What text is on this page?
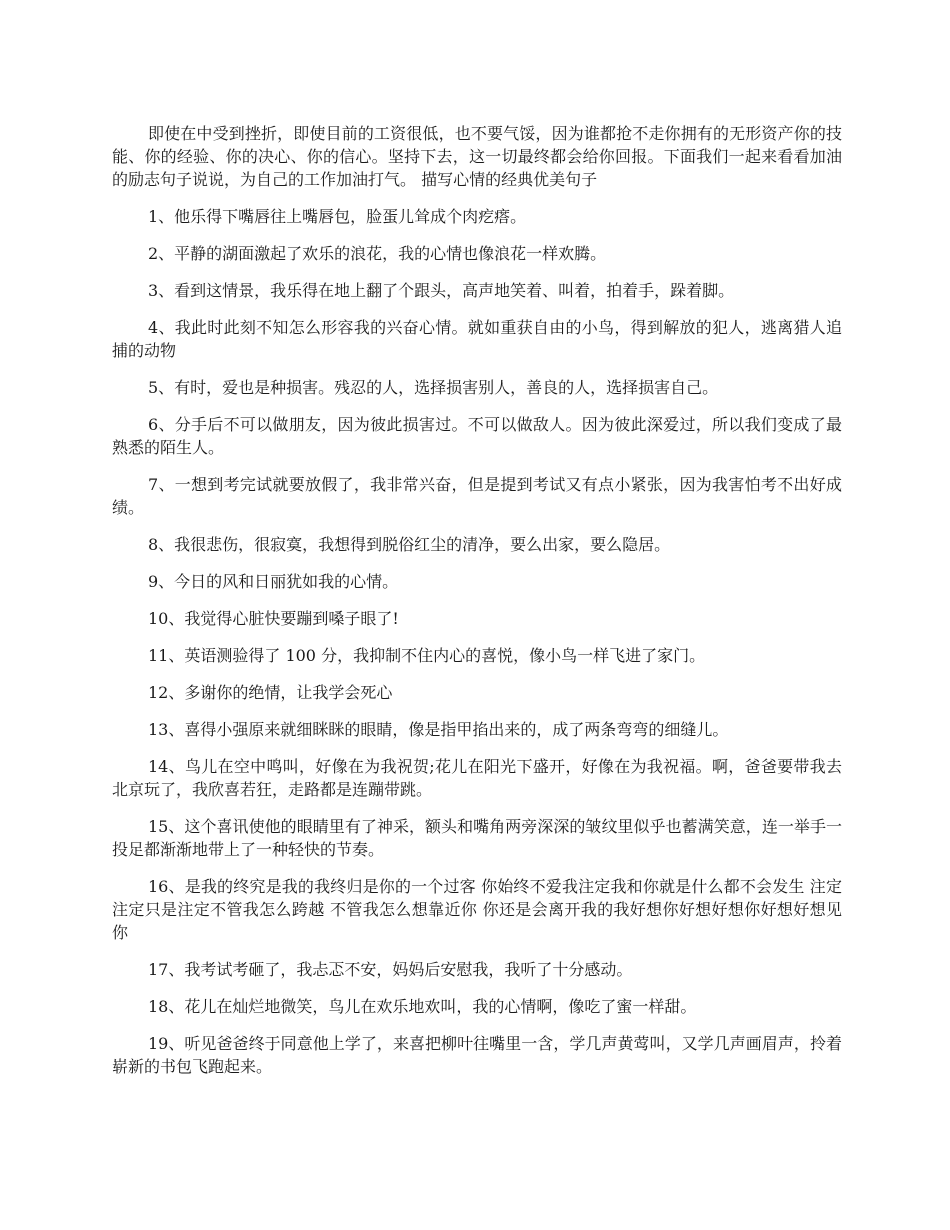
即使在中受到挫折，即使目前的工资很低，也不要气馁，因为谁都抢不走你拥有的无形资产你的技能、你的经验、你的决心、你的信心。坚持下去，这一切最终都会给你回报。下面我们一起来看看加油的励志句子说说，为自己的工作加油打气。 描写心情的经典优美句子

1、他乐得下嘴唇往上嘴唇包，脸蛋儿耸成个肉疙瘩。

2、平静的湖面激起了欢乐的浪花，我的心情也像浪花一样欢腾。

3、看到这情景，我乐得在地上翻了个跟头，高声地笑着、叫着，拍着手，跺着脚。

4、我此时此刻不知怎么形容我的兴奋心情。就如重获自由的小鸟，得到解放的犯人，逃离猎人追捕的动物

5、有时，爱也是种损害。残忍的人，选择损害别人，善良的人，选择损害自己。

6、分手后不可以做朋友，因为彼此损害过。不可以做敌人。因为彼此深爱过，所以我们变成了最熟悉的陌生人。

7、一想到考完试就要放假了，我非常兴奋，但是提到考试又有点小紧张，因为我害怕考不出好成绩。

8、我很悲伤，很寂寞，我想得到脱俗红尘的清净，要么出家，要么隐居。

9、今日的风和日丽犹如我的心情。

10、我觉得心脏快要蹦到嗓子眼了!

11、英语测验得了 100 分，我抑制不住内心的喜悦，像小鸟一样飞进了家门。

12、多谢你的绝情，让我学会死心

13、喜得小强原来就细眯眯的眼睛，像是指甲掐出来的，成了两条弯弯的细缝儿。

14、鸟儿在空中鸣叫，好像在为我祝贺;花儿在阳光下盛开，好像在为我祝福。啊，爸爸要带我去北京玩了，我欣喜若狂，走路都是连蹦带跳。

15、这个喜讯使他的眼睛里有了神采，额头和嘴角两旁深深的皱纹里似乎也蓄满笑意，连一举手一投足都渐渐地带上了一种轻快的节奏。

16、是我的终究是我的我终归是你的一个过客 你始终不爱我注定我和你就是什么都不会发生 注定注定只是注定不管我怎么跨越 不管我怎么想靠近你 你还是会离开我的我好想你好想好想你好想好想见你

17、我考试考砸了，我忐忑不安，妈妈后安慰我，我听了十分感动。

18、花儿在灿烂地微笑，鸟儿在欢乐地欢叫，我的心情啊，像吃了蜜一样甜。

19、听见爸爸终于同意他上学了，来喜把柳叶往嘴里一含，学几声黄莺叫，又学几声画眉声，拎着崭新的书包飞跑起来。
